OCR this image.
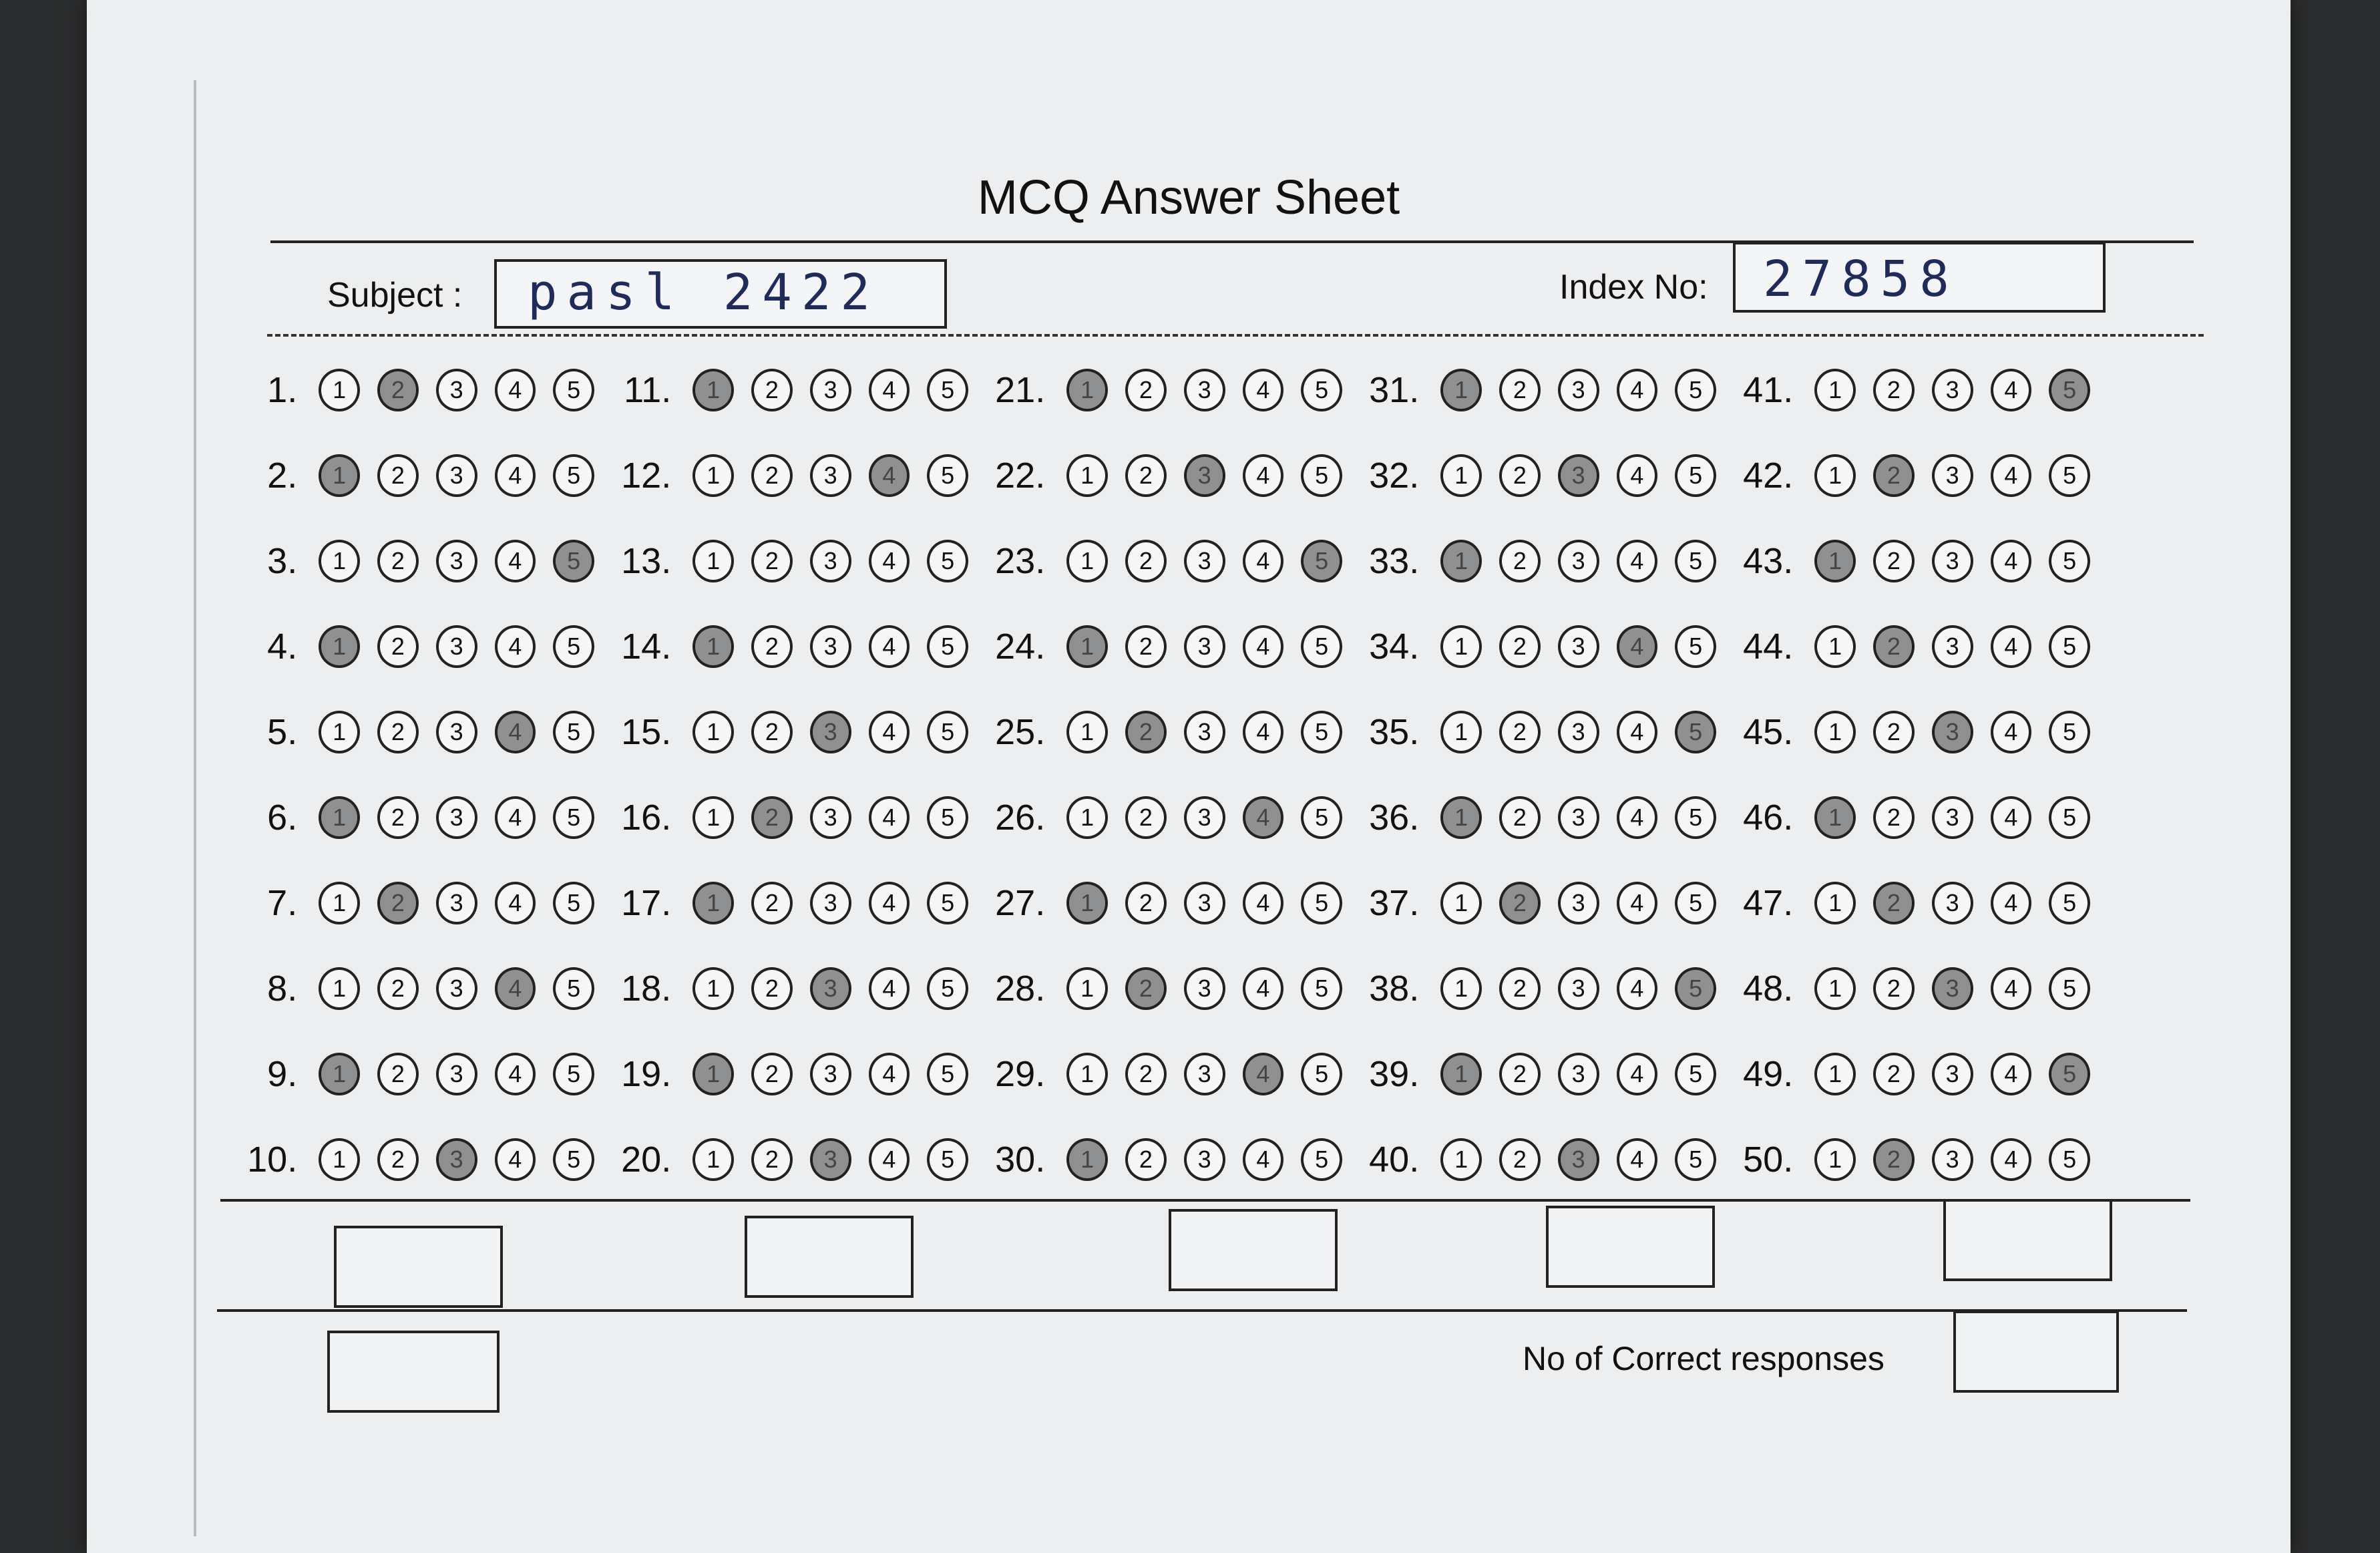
MCQ Answer Sheet
Subject : pasl 2422	Index No: 27858
1.	1	2	3	4	5	11.	1	2	3	4	5	21.	1	2	3	4	5	31.	1	2	3	4	5	41.	1	2	3	4	5
2.	1	2	3	4	5	12.	1	2	3	4	5	22.	1	2	3	4	5	32.	1	2	3	4	5	42.	1	2	3	4	5
3.	1	2	3	4	5	13.	1	2	3	4	5	23.	1	2	3	4	5	33.	1	2	3	4	5	43.	1	2	3	4	5
4.	1	2	3	4	5	14.	1	2	3	4	5	24.	1	2	3	4	5	34.	1	2	3	4	5	44.	1	2	3	4	5
5.	1	2	3	4	5	15.	1	2	3	4	5	25.	1	2	3	4	5	35.	1	2	3	4	5	45.	1	2	3	4	5
6.	1	2	3	4	5	16.	1	2	3	4	5	26.	1	2	3	4	5	36.	1	2	3	4	5	46.	1	2	3	4	5
7.	1	2	3	4	5	17.	1	2	3	4	5	27.	1	2	3	4	5	37.	1	2	3	4	5	47.	1	2	3	4	5
8.	1	2	3	4	5	18.	1	2	3	4	5	28.	1	2	3	4	5	38.	1	2	3	4	5	48.	1	2	3	4	5
9.	1	2	3	4	5	19.	1	2	3	4	5	29.	1	2	3	4	5	39.	1	2	3	4	5	49.	1	2	3	4	5
10.	1	2	3	4	5	20.	1	2	3	4	5	30.	1	2	3	4	5	40.	1	2	3	4	5	50.	1	2	3	4	5
No of Correct responses
